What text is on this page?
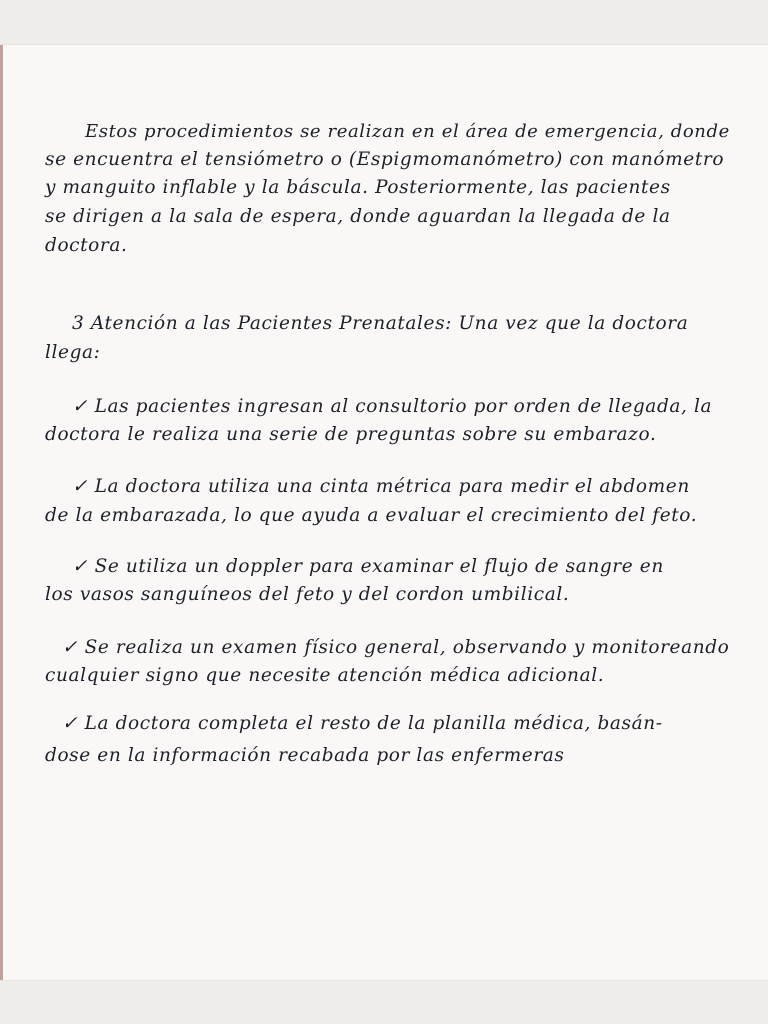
Estos procedimientos se realizan en el área de emergencia, donde

se encuentra el tensiómetro o (Espigmomanómetro) con manómetro

y manguito inflable y la báscula. Posteriormente, las pacientes

se dirigen a la sala de espera, donde aguardan la llegada de la

doctora.

3 Atención a las Pacientes Prenatales: Una vez que la doctora

llega:

✓ Las pacientes ingresan al consultorio por orden de llegada, la

doctora le realiza una serie de preguntas sobre su embarazo.

✓ La doctora utiliza una cinta métrica para medir el abdomen

de la embarazada, lo que ayuda a evaluar el crecimiento del feto.

✓ Se utiliza un doppler para examinar el flujo de sangre en

los vasos sanguíneos del feto y del cordon umbilical.

✓ Se realiza un examen físico general, observando y monitoreando

cualquier signo que necesite atención médica adicional.

✓ La doctora completa el resto de la planilla médica, basán-

dose en la información recabada por las enfermeras
